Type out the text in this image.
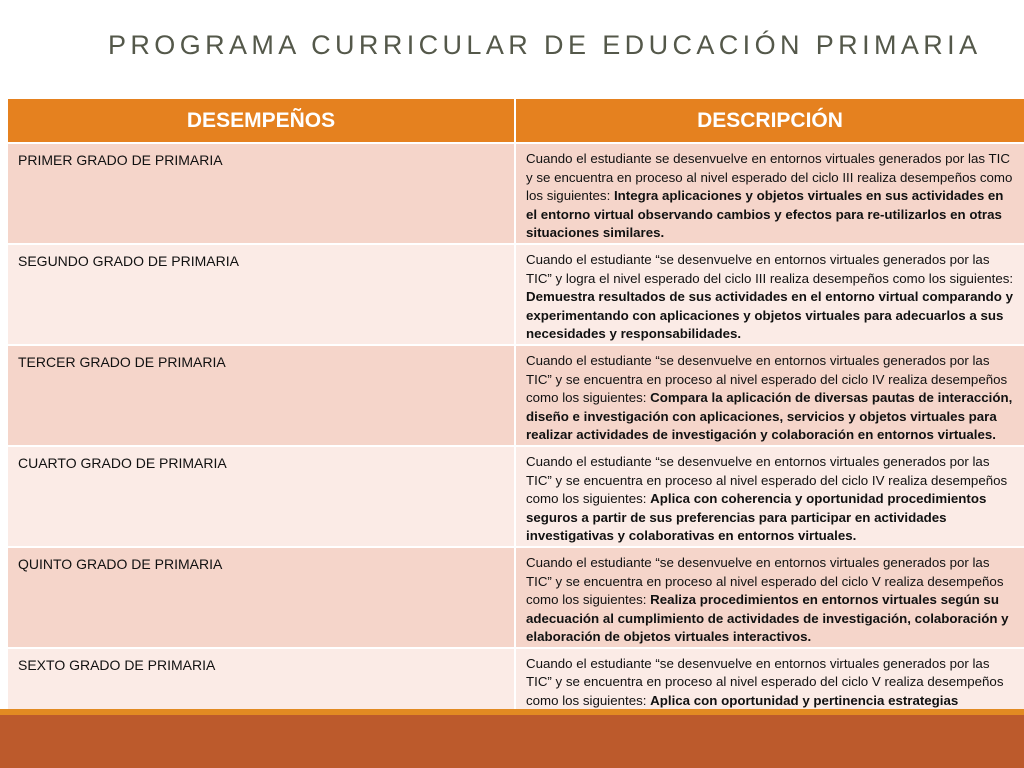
PROGRAMA CURRICULAR DE EDUCACIÓN PRIMARIA
DESEMPEÑOS	DESCRIPCIÓN
PRIMER GRADO DE PRIMARIA	Cuando el estudiante se desenvuelve en entornos virtuales generados por las TIC y se encuentra en proceso al nivel esperado del ciclo III realiza desempeños como los siguientes: Integra aplicaciones y objetos virtuales en sus actividades en el entorno virtual observando cambios y efectos para re-utilizarlos en otras situaciones similares.
SEGUNDO GRADO DE PRIMARIA	Cuando el estudiante “se desenvuelve en entornos virtuales generados por las TIC” y logra el nivel esperado del ciclo III realiza desempeños como los siguientes: Demuestra resultados de sus actividades en el entorno virtual comparando y experimentando con aplicaciones y objetos virtuales para adecuarlos a sus necesidades y responsabilidades.
TERCER GRADO DE PRIMARIA	Cuando el estudiante “se desenvuelve en entornos virtuales generados por las TIC” y se encuentra en proceso al nivel esperado del ciclo IV realiza desempeños como los siguientes: Compara la aplicación de diversas pautas de interacción, diseño e investigación con aplicaciones, servicios y objetos virtuales para realizar actividades de investigación y colaboración en entornos virtuales.
CUARTO GRADO DE PRIMARIA	Cuando el estudiante “se desenvuelve en entornos virtuales generados por las TIC” y se encuentra en proceso al nivel esperado del ciclo IV realiza desempeños como los siguientes: Aplica con coherencia y oportunidad procedimientos seguros a partir de sus preferencias para participar en actividades investigativas y colaborativas en entornos virtuales.
QUINTO GRADO DE PRIMARIA	Cuando el estudiante “se desenvuelve en entornos virtuales generados por las TIC” y se encuentra en proceso al nivel esperado del ciclo V realiza desempeños como los siguientes: Realiza procedimientos en entornos virtuales según su adecuación al cumplimiento de actividades de investigación, colaboración y elaboración de objetos virtuales interactivos.
SEXTO GRADO DE PRIMARIA	Cuando el estudiante “se desenvuelve en entornos virtuales generados por las TIC” y se encuentra en proceso al nivel esperado del ciclo V realiza desempeños como los siguientes: Aplica con oportunidad y pertinencia estrategias
